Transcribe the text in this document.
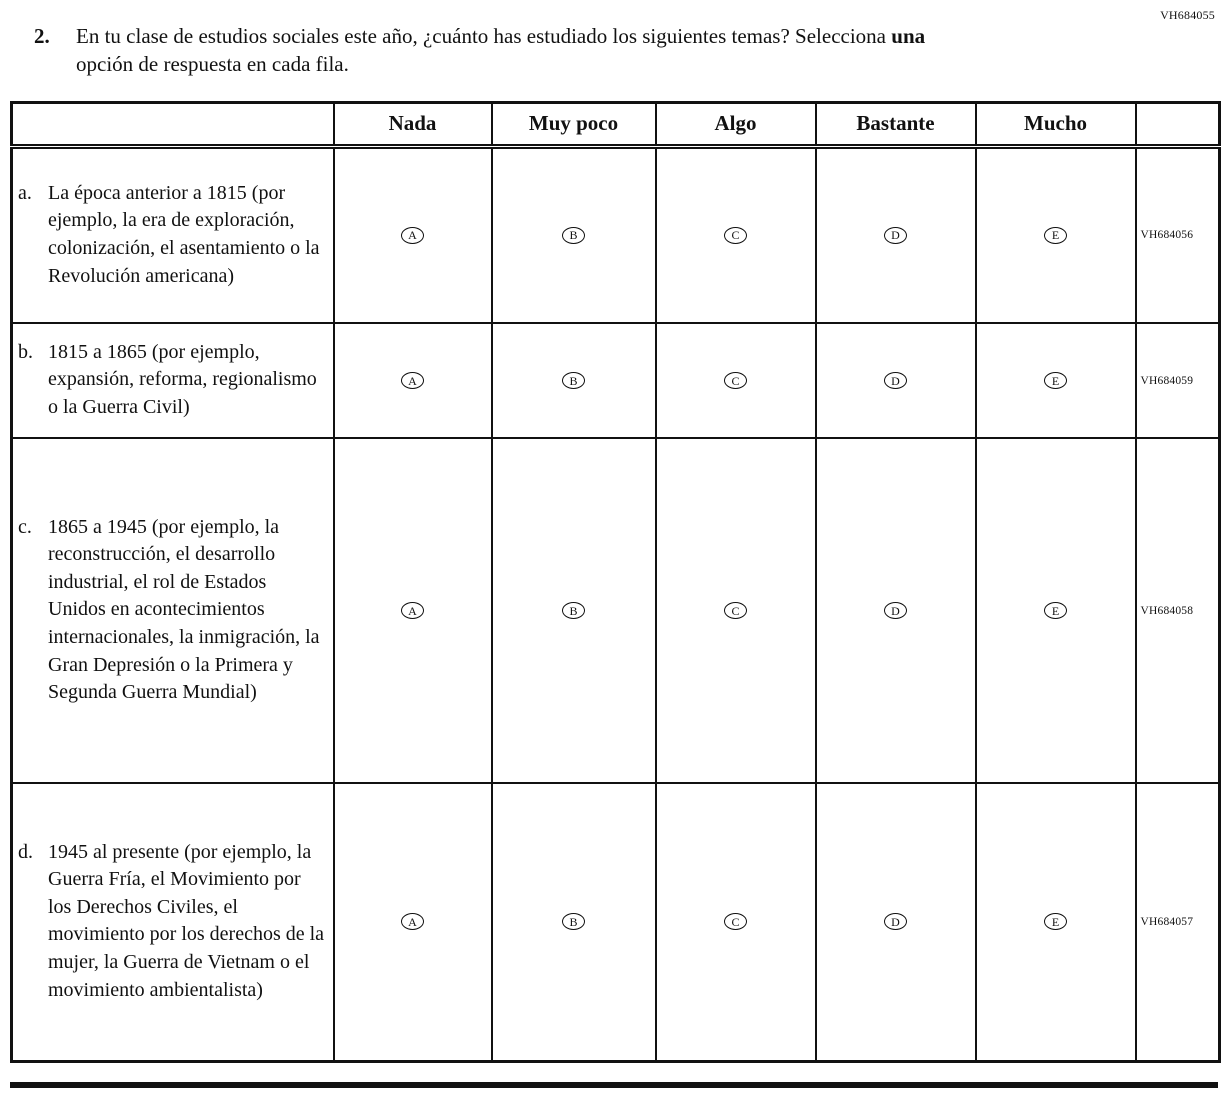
VH684055
2.	En tu clase de estudios sociales este año, ¿cuánto has estudiado los siguientes temas? Selecciona una opción de respuesta en cada fila.
	Nada	Muy poco	Algo	Bastante	Mucho	

a. La época anterior a 1815 (por ejemplo, la era de exploración, colonización, el asentamiento o la Revolución americana)	A	B	C	D	E	VH684056

b. 1815 a 1865 (por ejemplo, expansión, reforma, regionalismo o la Guerra Civil)	A	B	C	D	E	VH684059

c. 1865 a 1945 (por ejemplo, la reconstrucción, el desarrollo industrial, el rol de Estados Unidos en acontecimientos internacionales, la inmigración, la Gran Depresión o la Primera y Segunda Guerra Mundial)	A	B	C	D	E	VH684058

d. 1945 al presente (por ejemplo, la Guerra Fría, el Movimiento por los Derechos Civiles, el movimiento por los derechos de la mujer, la Guerra de Vietnam o el movimiento ambientalista)	A	B	C	D	E	VH684057
